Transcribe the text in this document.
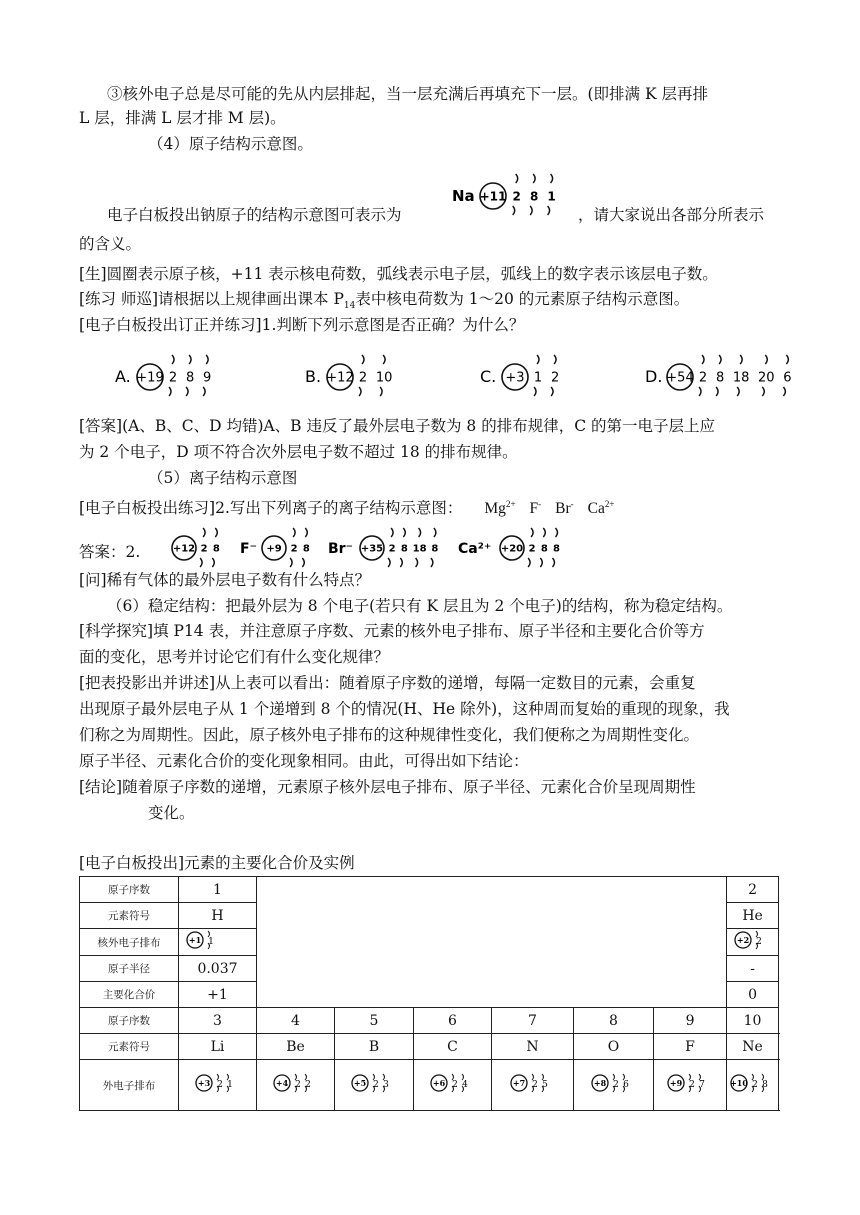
③核外电子总是尽可能的先从内层排起，当一层充满后再填充下一层。(即排满 K 层再排
L 层，排满 L 层才排 M 层)。
（4）原子结构示意图。
电子白板投出钠原子的结构示意图可表示为
Na +11 2 8 1
，请大家说出各部分所表示
的含义。
[生]圆圈表示原子核，+11 表示核电荷数，弧线表示电子层，弧线上的数字表示该层电子数。
[练习 师巡]请根据以上规律画出课本 $P_{14}$表中核电荷数为 1～20 的元素原子结构示意图。
[电子白板投出订正并练习]1.判断下列示意图是否正确？为什么？
A. +19 2 8 9	B. +12 2 10	C. +3 1 2	D. +54 2 8 18 20 6
[答案](A、B、C、D 均错)A、B 违反了最外层电子数为 8 的排布规律，C 的第一电子层上应
为 2 个电子，D 项不符合次外层电子数不超过 18 的排布规律。
（5）离子结构示意图
[电子白板投出练习]2.写出下列离子的离子结构示意图： $Mg^{2+}$ F- Br- $Ca^{2+}$
答案：2.	+12 2 8 F⁻ +9 2 8 Br⁻ +35 2 8 18 8 Ca²⁺ +20 2 8 8
[问]稀有气体的最外层电子数有什么特点？
（6）稳定结构：把最外层为 8 个电子(若只有 K 层且为 2 个电子)的结构，称为稳定结构。
[科学探究]填 P14 表，并注意原子序数、元素的核外电子排布、原子半径和主要化合价等方
面的变化，思考并讨论它们有什么变化规律？
[把表投影出并讲述]从上表可以看出：随着原子序数的递增，每隔一定数目的元素，会重复
出现原子最外层电子从 1 个递增到 8 个的情况(H、He 除外)，这种周而复始的重现的现象，我
们称之为周期性。因此，原子核外电子排布的这种规律性变化，我们便称之为周期性变化。
原子半径、元素化合价的变化现象相同。由此，可得出如下结论：
[结论]随着原子序数的递增，元素原子核外层电子排布、原子半径、元素化合价呈现周期性
变化。
[电子白板投出]元素的主要化合价及实例
原子序数	1							2
元素符号	H							He
核外电子排布	+1 1							+2 2

原子半径	0.037							-
主要化合价	+1							0
原子序数	3	4	5	6	7	8	9	10
元素符号	Li	Be	B	C	N	O	F	Ne
外电子排布	+3 2 1	+4 2 2	+5 2 3	+6 2 4	+7 2 5	+8 2 6	+9 2 7	+10 2 8
